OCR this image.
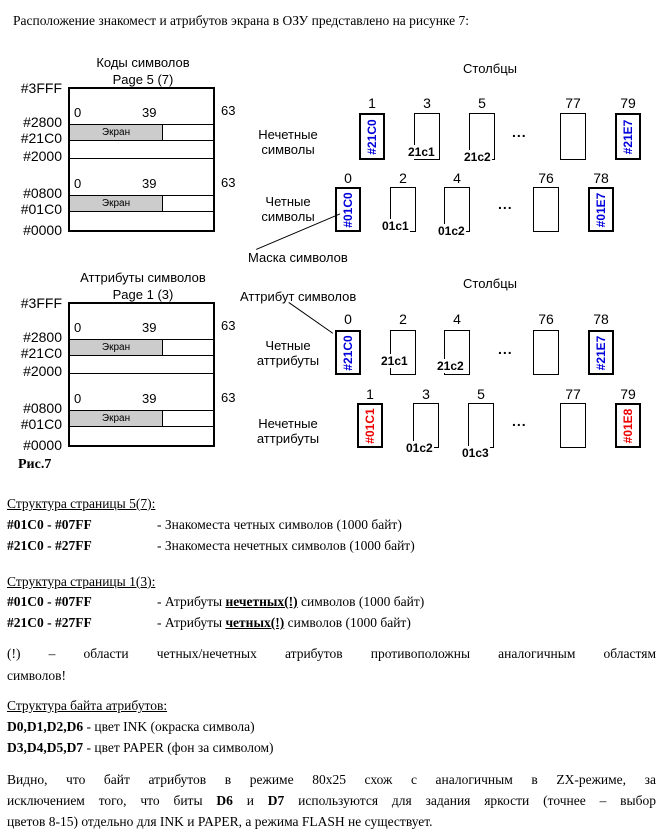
Расположение знакомест и атрибутов экрана в ОЗУ представлено на рисунке 7:
Коды символов
Page 5 (7)
Экран
Экран
0	39
0	39
#3FFF
#2800
#21C0
#2000
#0800
#01C0
#0000
63
63
Аттрибуты символов
Page 1 (3)
Экран
Экран
0	39
0	39
#3FFF
#2800
#21C0
#2000
#0800
#01C0
#0000
63
63
Рис.7
Столбцы
Нечетные
символы
1	3	5	77	79
#21C0	#21E7
21c1 21c2
...
Четные
символы
0	2	4	76	78
#01C0	#01E7
01c1 01c2
...
Маска символов
Столбцы
Аттрибут символов
Четные
аттрибуты
0	2	4	76	78
#21C0	#21E7
21c1 21c2
...
Нечетные
аттрибуты
1	3	5	77	79
#01C1	#01E8
01c2 01c3
...
Структура страницы 5(7):
#01C0 - #07FF	- Знакоместа четных символов (1000 байт)
#21C0 - #27FF	- Знакоместа нечетных символов (1000 байт)
Структура страницы 1(3):
#01C0 - #07FF	- Атрибуты нечетных(!) символов (1000 байт)
#21C0 - #27FF	- Атрибуты четных(!) символов (1000 байт)
(!) – области четных/нечетных атрибутов противоположны аналогичным областям
символов!
Структура байта атрибутов:
D0,D1,D2,D6 - цвет INK (окраска символа)
D3,D4,D5,D7 - цвет PAPER (фон за символом)
Видно, что байт атрибутов в режиме 80x25 схож с аналогичным в ZX-режиме, за
исключением того, что биты D6 и D7 используются для задания яркости (точнее – выбор
цветов 8-15) отдельно для INK и PAPER, а режима FLASH не существует.
